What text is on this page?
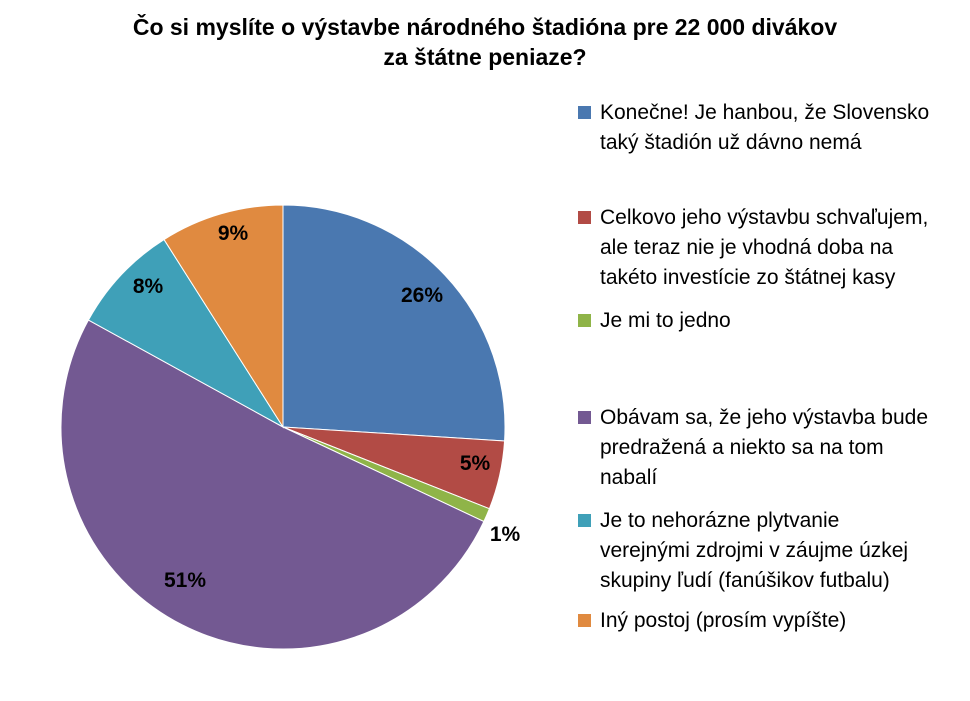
Čo si myslíte o výstavbe národného štadióna pre 22 000 divákov
za štátne peniaze?
26%
5%
1%
51%
8%
9%
Konečne! Je hanbou, že Slovensko
taký štadión už dávno nemá
Celkovo jeho výstavbu schvaľujem,
ale teraz nie je vhodná doba na
takéto investície zo štátnej kasy
Je mi to jedno
Obávam sa, že jeho výstavba bude
predražená a niekto sa na tom
nabalí
Je to nehorázne plytvanie
verejnými zdrojmi v záujme úzkej
skupiny ľudí (fanúšikov futbalu)
Iný postoj (prosím vypíšte)
